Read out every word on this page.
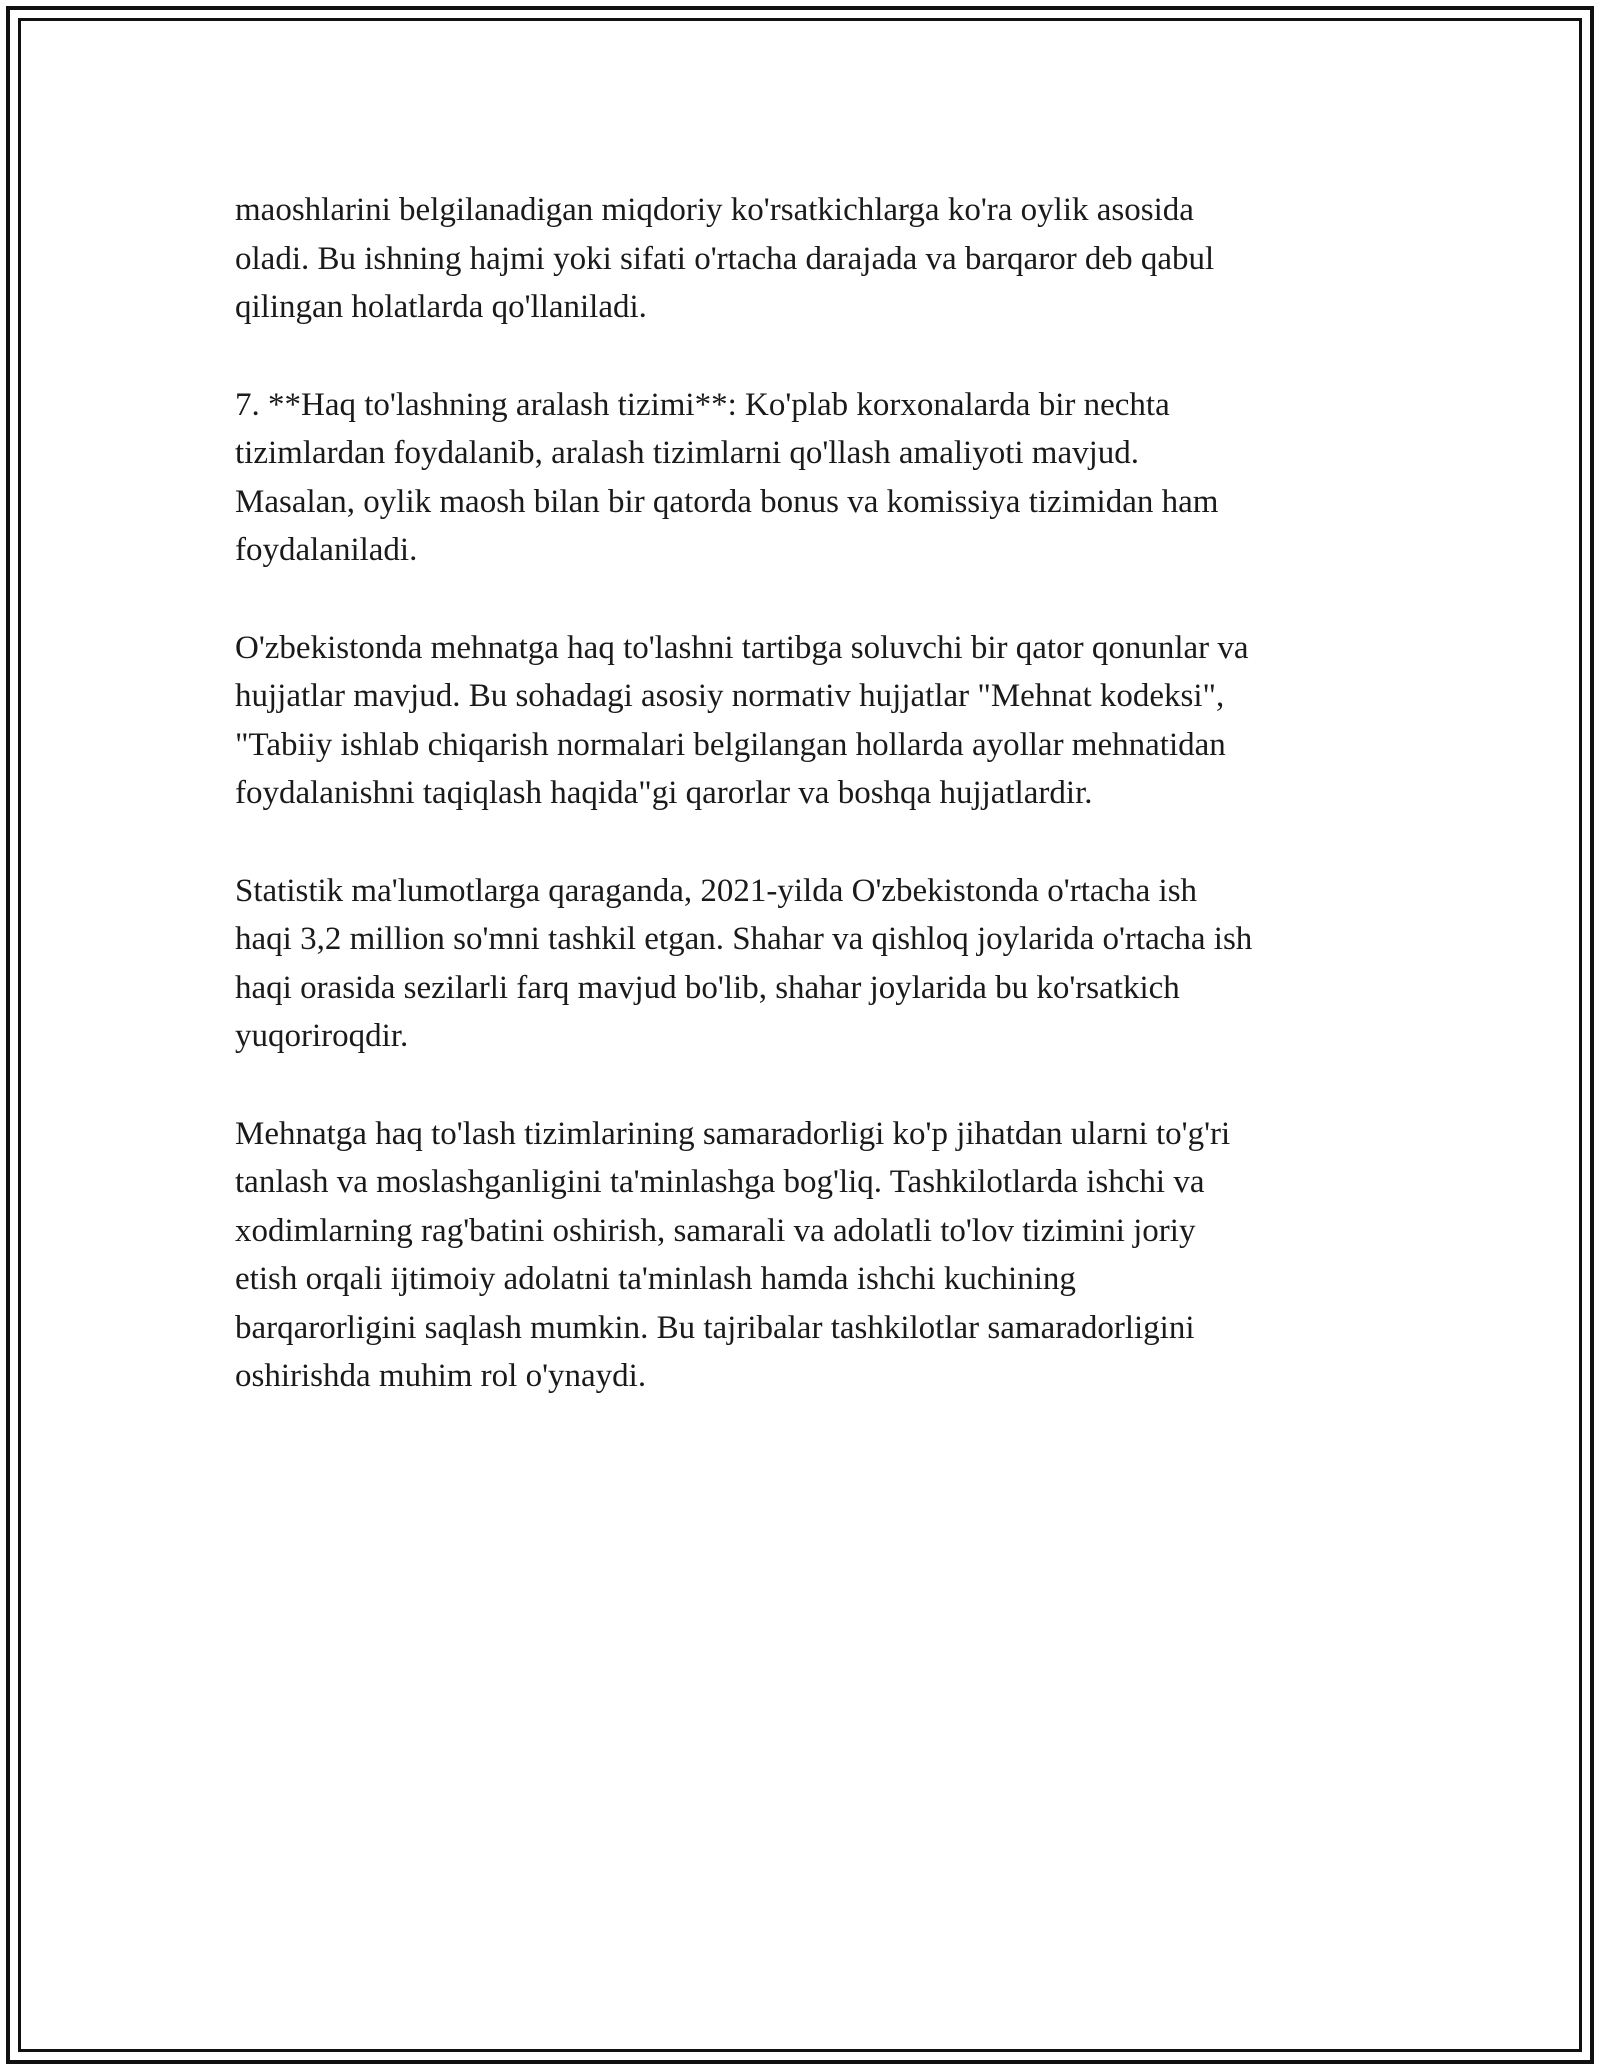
maoshlarini belgilanadigan miqdoriy ko'rsatkichlarga ko'ra oylik asosida
oladi. Bu ishning hajmi yoki sifati o'rtacha darajada va barqaror deb qabul
qilingan holatlarda qo'llaniladi.

7. **Haq to'lashning aralash tizimi**: Ko'plab korxonalarda bir nechta
tizimlardan foydalanib, aralash tizimlarni qo'llash amaliyoti mavjud.
Masalan, oylik maosh bilan bir qatorda bonus va komissiya tizimidan ham
foydalaniladi.

O'zbekistonda mehnatga haq to'lashni tartibga soluvchi bir qator qonunlar va
hujjatlar mavjud. Bu sohadagi asosiy normativ hujjatlar "Mehnat kodeksi",
"Tabiiy ishlab chiqarish normalari belgilangan hollarda ayollar mehnatidan
foydalanishni taqiqlash haqida"gi qarorlar va boshqa hujjatlardir.

Statistik ma'lumotlarga qaraganda, 2021-yilda O'zbekistonda o'rtacha ish
haqi 3,2 million so'mni tashkil etgan. Shahar va qishloq joylarida o'rtacha ish
haqi orasida sezilarli farq mavjud bo'lib, shahar joylarida bu ko'rsatkich
yuqoriroqdir.

Mehnatga haq to'lash tizimlarining samaradorligi ko'p jihatdan ularni to'g'ri
tanlash va moslashganligini ta'minlashga bog'liq. Tashkilotlarda ishchi va
xodimlarning rag'batini oshirish, samarali va adolatli to'lov tizimini joriy
etish orqali ijtimoiy adolatni ta'minlash hamda ishchi kuchining
barqarorligini saqlash mumkin. Bu tajribalar tashkilotlar samaradorligini
oshirishda muhim rol o'ynaydi.
